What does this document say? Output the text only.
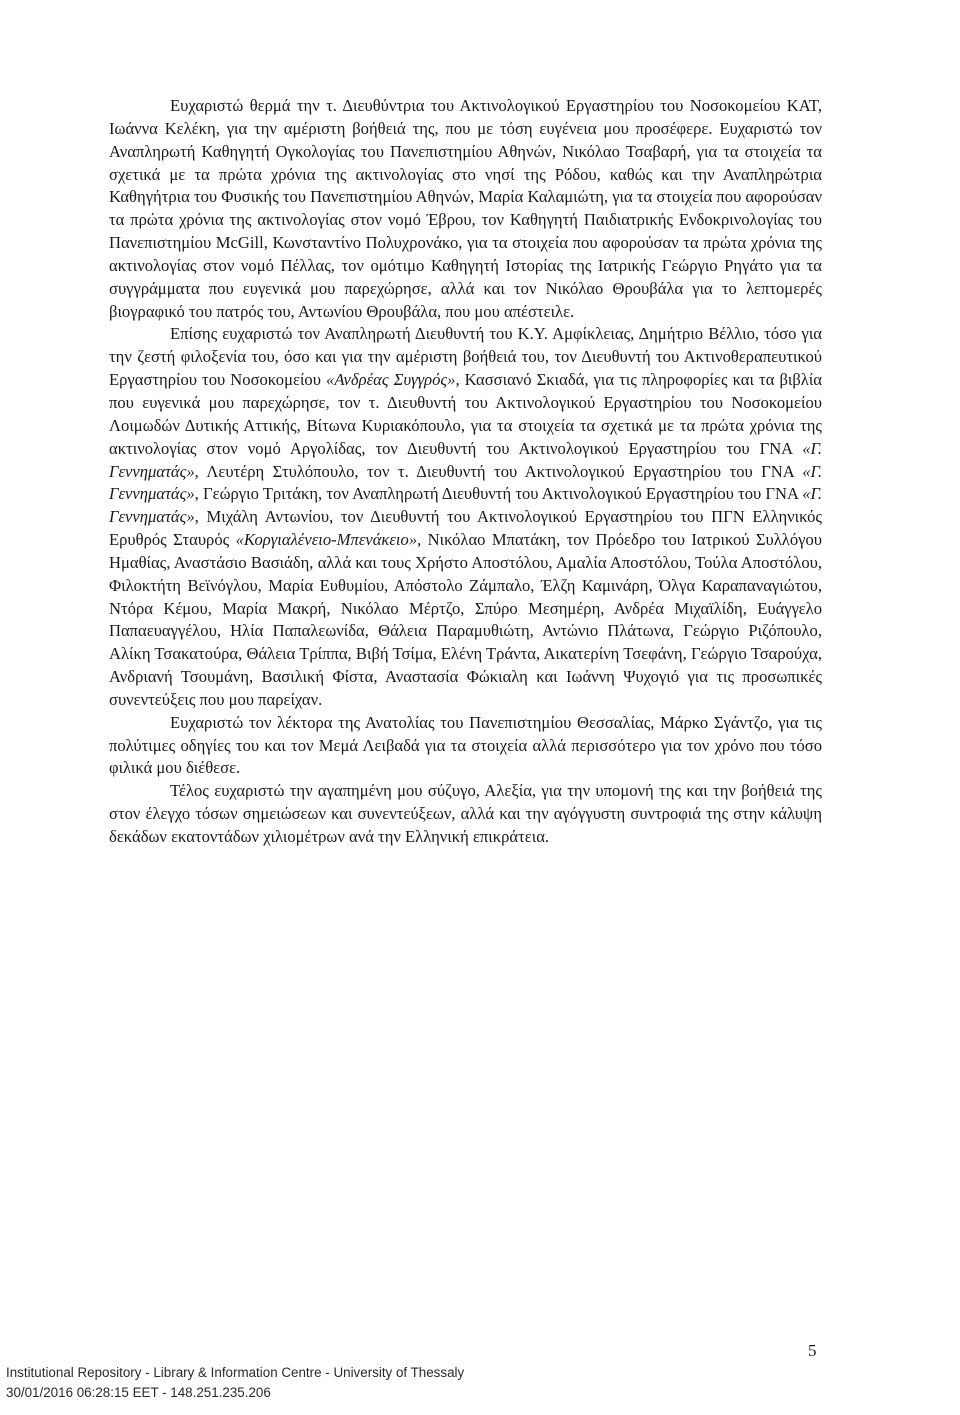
Ευχαριστώ θερμά την τ. Διευθύντρια του Ακτινολογικού Εργαστηρίου του Νοσοκομείου ΚΑΤ, Ιωάννα Κελέκη, για την αμέριστη βοήθειά της, που με τόση ευγένεια μου προσέφερε. Ευχαριστώ τον Αναπληρωτή Καθηγητή Ογκολογίας του Πανεπιστημίου Αθηνών, Νικόλαο Τσαβαρή, για τα στοιχεία τα σχετικά με τα πρώτα χρόνια της ακτινολογίας στο νησί της Ρόδου, καθώς και την Αναπληρώτρια Καθηγήτρια του Φυσικής του Πανεπιστημίου Αθηνών, Μαρία Καλαμιώτη, για τα στοιχεία που αφορούσαν τα πρώτα χρόνια της ακτινολογίας στον νομό Έβρου, τον Καθηγητή Παιδιατρικής Ενδοκρινολογίας του Πανεπιστημίου McGill, Κωνσταντίνο Πολυχρονάκο, για τα στοιχεία που αφορούσαν τα πρώτα χρόνια της ακτινολογίας στον νομό Πέλλας, τον ομότιμο Καθηγητή Ιστορίας της Ιατρικής Γεώργιο Ρηγάτο για τα συγγράμματα που ευγενικά μου παρεχώρησε, αλλά και τον Νικόλαο Θρουβάλα για το λεπτομερές βιογραφικό του πατρός του, Αντωνίου Θρουβάλα, που μου απέστειλε.

Επίσης ευχαριστώ τον Αναπληρωτή Διευθυντή του Κ.Υ. Αμφίκλειας, Δημήτριο Βέλλιο, τόσο για την ζεστή φιλοξενία του, όσο και για την αμέριστη βοήθειά του, τον Διευθυντή του Ακτινοθεραπευτικού Εργαστηρίου του Νοσοκομείου «Ανδρέας Συγγρός», Κασσιανό Σκιαδά, για τις πληροφορίες και τα βιβλία που ευγενικά μου παρεχώρησε, τον τ. Διευθυντή του Ακτινολογικού Εργαστηρίου του Νοσοκομείου Λοιμωδών Δυτικής Αττικής, Βίτωνα Κυριακόπουλο, για τα στοιχεία τα σχετικά με τα πρώτα χρόνια της ακτινολογίας στον νομό Αργολίδας, τον Διευθυντή του Ακτινολογικού Εργαστηρίου του ΓΝΑ «Γ. Γεννηματάς», Λευτέρη Στυλόπουλο, τον τ. Διευθυντή του Ακτινολογικού Εργαστηρίου του ΓΝΑ «Γ. Γεννηματάς», Γεώργιο Τριτάκη, τον Αναπληρωτή Διευθυντή του Ακτινολογικού Εργαστηρίου του ΓΝΑ «Γ. Γεννηματάς», Μιχάλη Αντωνίου, τον Διευθυντή του Ακτινολογικού Εργαστηρίου του ΠΓΝ Ελληνικός Ερυθρός Σταυρός «Κοργιαλένειο-Μπενάκειο», Νικόλαο Μπατάκη, τον Πρόεδρο του Ιατρικού Συλλόγου Ημαθίας, Αναστάσιο Βασιάδη, αλλά και τους Χρήστο Αποστόλου, Αμαλία Αποστόλου, Τούλα Αποστόλου, Φιλοκτήτη Βεϊνόγλου, Μαρία Ευθυμίου, Απόστολο Ζάμπαλο, Έλζη Καμινάρη, Όλγα Καραπαναγιώτου, Ντόρα Κέμου, Μαρία Μακρή, Νικόλαο Μέρτζο, Σπύρο Μεσημέρη, Ανδρέα Μιχαϊλίδη, Ευάγγελο Παπαευαγγέλου, Ηλία Παπαλεωνίδα, Θάλεια Παραμυθιώτη, Αντώνιο Πλάτωνα, Γεώργιο Ριζόπουλο, Αλίκη Τσακατούρα, Θάλεια Τρίππα, Βιβή Τσίμα, Ελένη Τράντα, Αικατερίνη Τσεφάνη, Γεώργιο Τσαρούχα, Ανδριανή Τσουμάνη, Βασιλική Φίστα, Αναστασία Φώκιαλη και Ιωάννη Ψυχογιό για τις προσωπικές συνεντεύξεις που μου παρείχαν.

Ευχαριστώ τον λέκτορα της Ανατολίας του Πανεπιστημίου Θεσσαλίας, Μάρκο Σγάντζο, για τις πολύτιμες οδηγίες του και τον Μεμά Λειβαδά για τα στοιχεία αλλά περισσότερο για τον χρόνο που τόσο φιλικά μου διέθεσε.

Τέλος ευχαριστώ την αγαπημένη μου σύζυγο, Αλεξία, για την υπομονή της και την βοήθειά της στον έλεγχο τόσων σημειώσεων και συνεντεύξεων, αλλά και την αγόγγυστη συντροφιά της στην κάλυψη δεκάδων εκατοντάδων χιλιομέτρων ανά την Ελληνική επικράτεια.

5
Institutional Repository - Library & Information Centre - University of Thessaly
30/01/2016 06:28:15 EET - 148.251.235.206
